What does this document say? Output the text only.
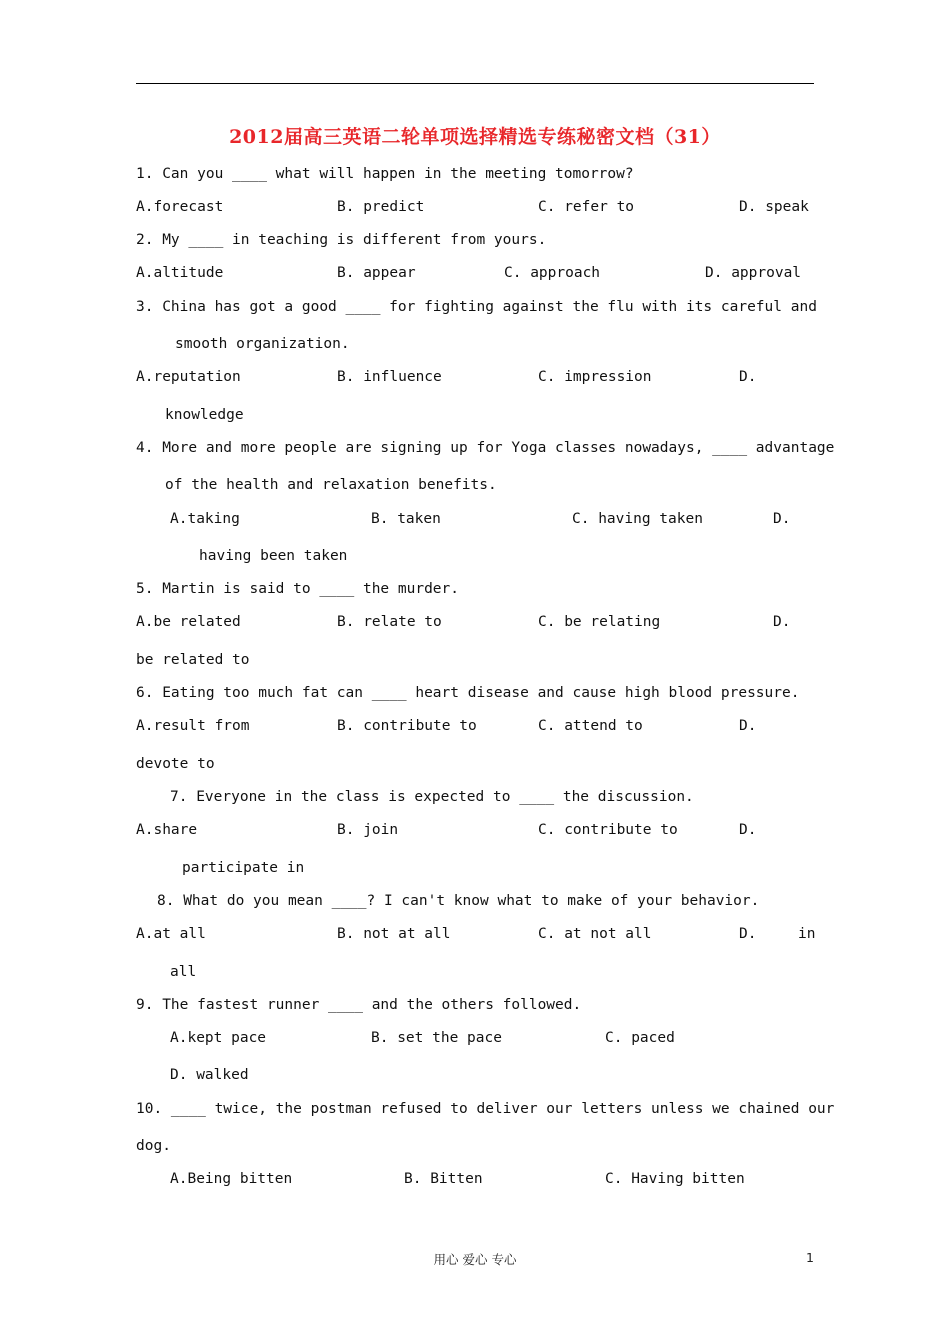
2012届高三英语二轮单项选择精选专练秘密文档（31）
1. Can you ____ what will happen in the meeting tomorrow?
A.forecast	B. predict	C. refer to	D. speak
2. My ____ in teaching is different from yours.
A.altitude	B. appear	C. approach	D. approval
3. China has got a good ____ for fighting against the flu with its careful and
smooth organization.
A.reputation	B. influence	C. impression	D.
knowledge
4. More and more people are signing up for Yoga classes nowadays, ____ advantage
of the health and relaxation benefits.
A.taking	B. taken	C. having taken	D.
having been taken
5. Martin is said to ____ the murder.
A.be related	B. relate to	C. be relating	D.
be related to
6. Eating too much fat can ____ heart disease and cause high blood pressure.
A.result from	B. contribute to	C. attend to	D.
devote to
7. Everyone in the class is expected to ____ the discussion.
A.share	B. join	C. contribute to	D.
participate in
8. What do you mean ____? I can't know what to make of your behavior.
A.at all	B. not at all	C. at not all	D.	in
all
9. The fastest runner ____ and the others followed.
A.kept pace	B. set the pace	C. paced
D. walked
10. ____ twice, the postman refused to deliver our letters unless we chained our
dog.
A.Being bitten	B. Bitten	C. Having bitten
用心 爱心 专心	1
